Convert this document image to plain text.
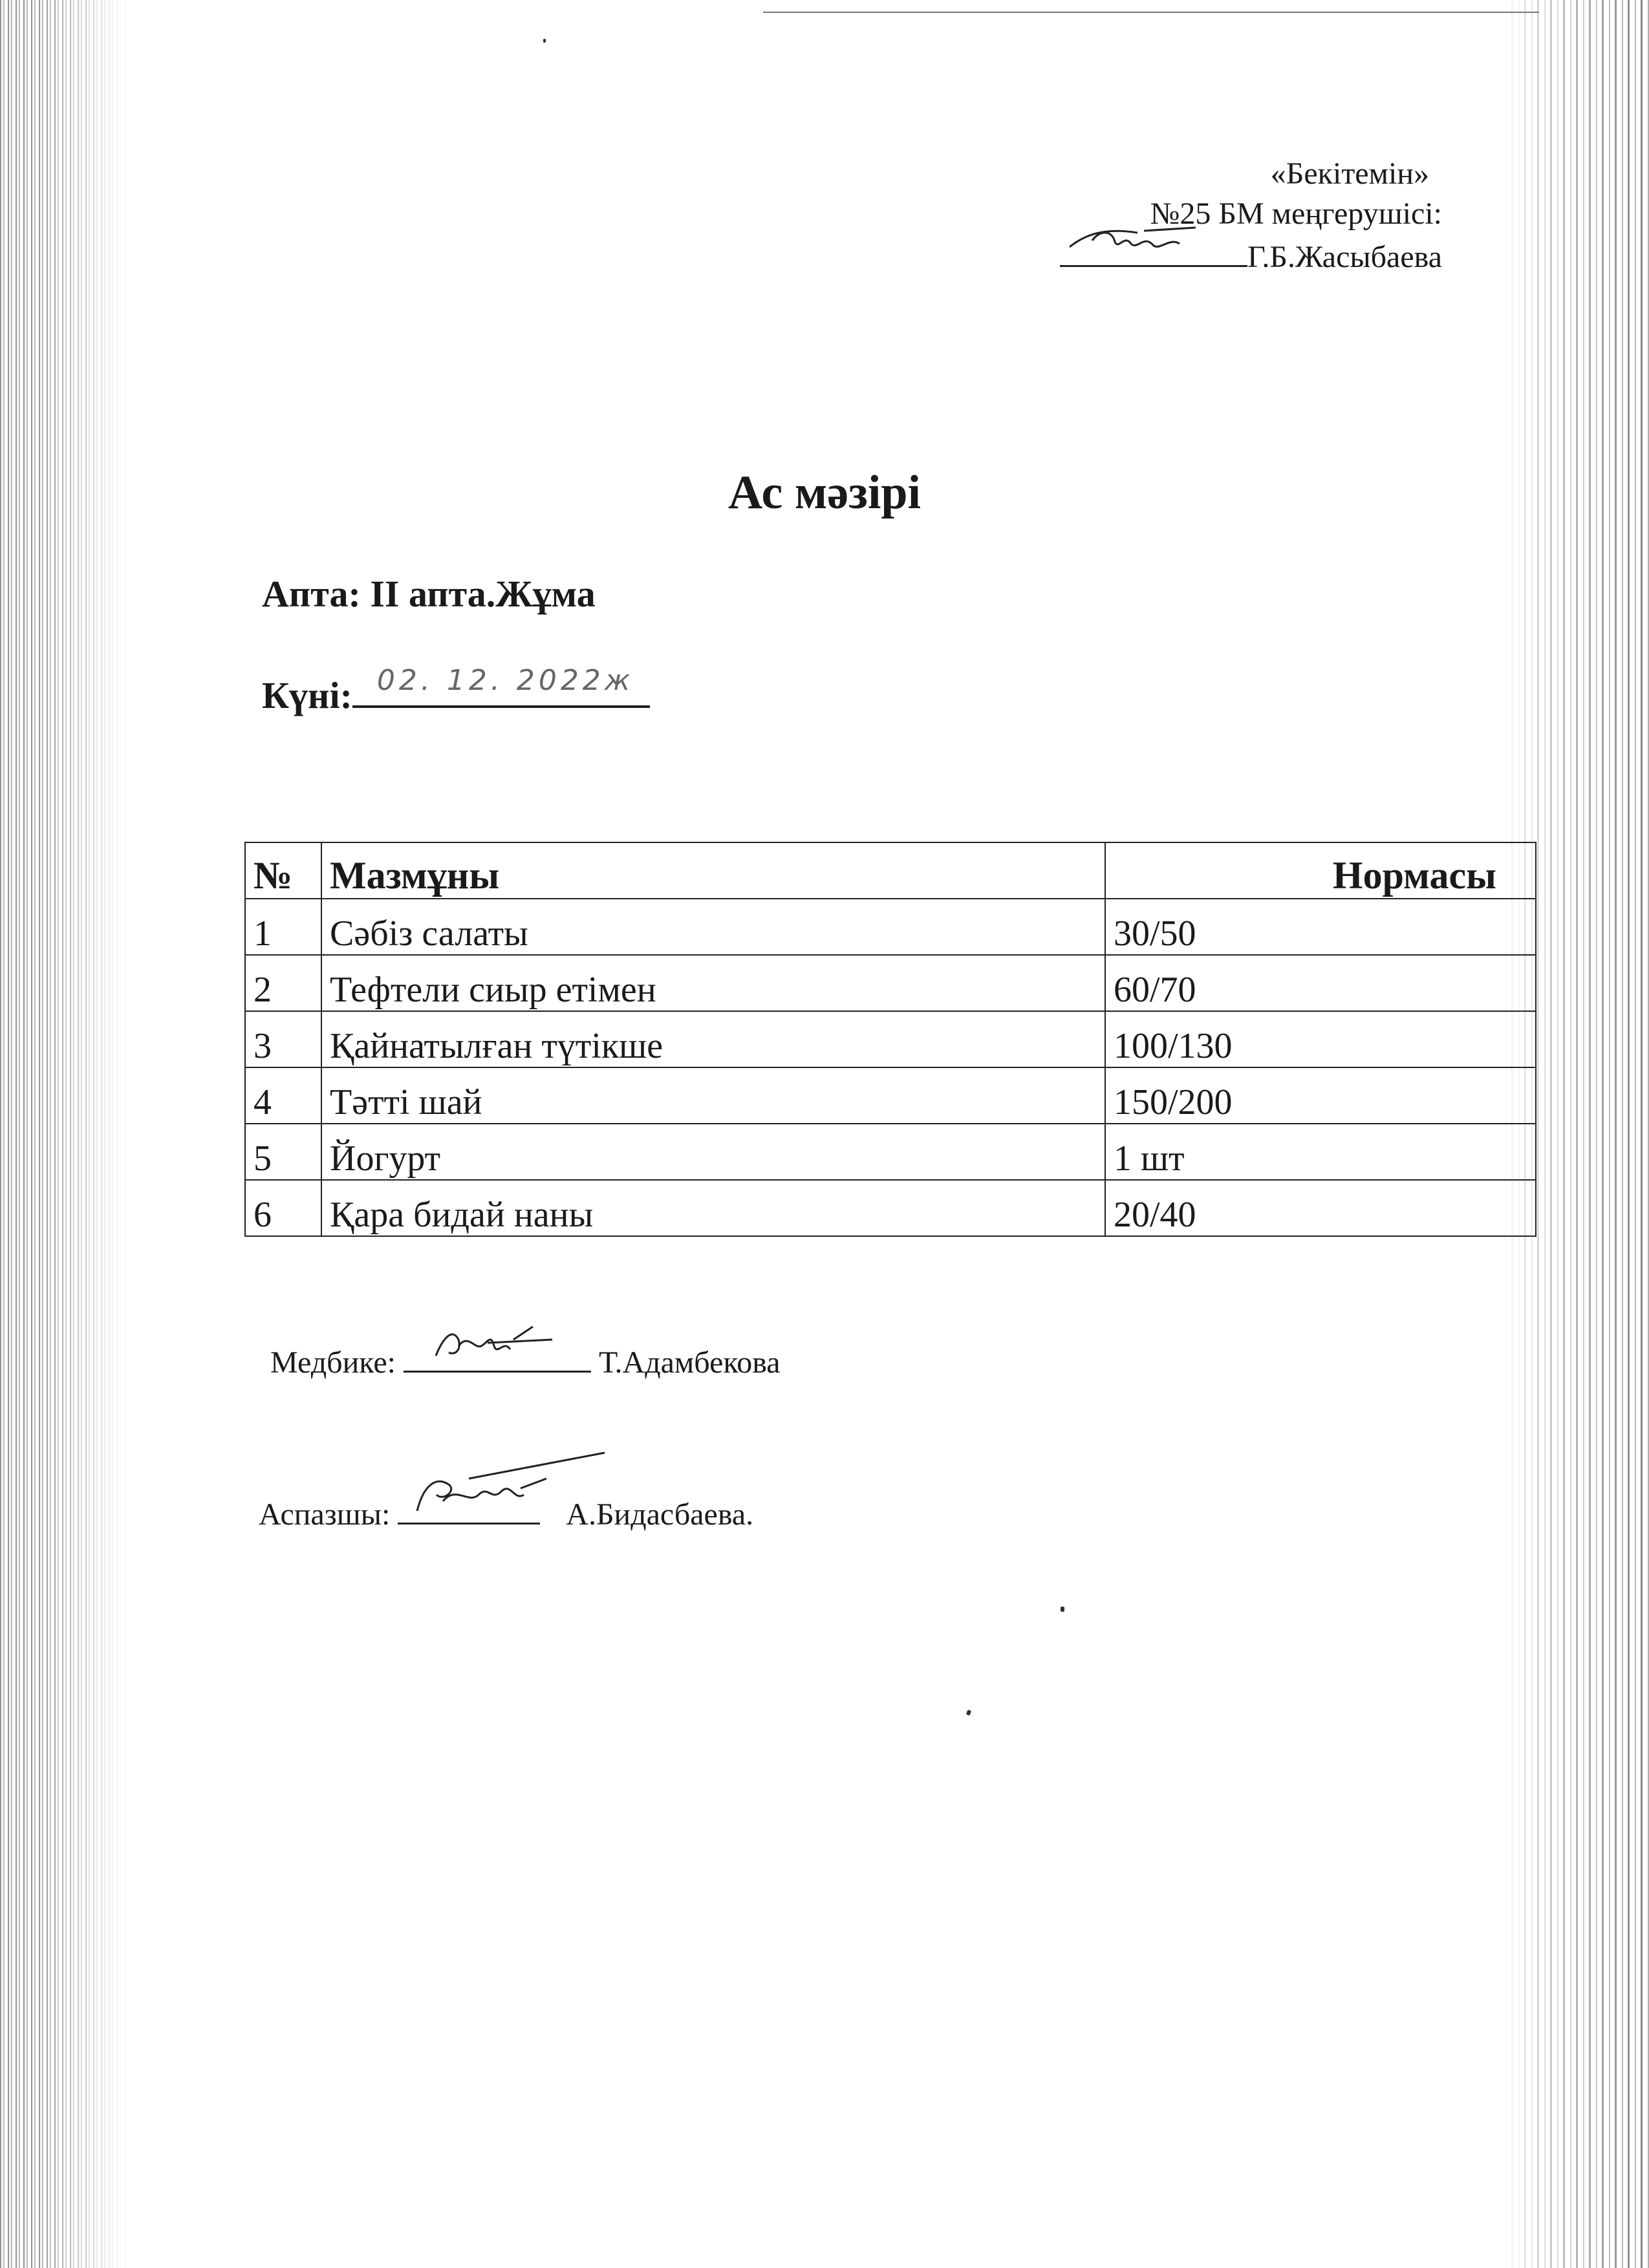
«Бекітемін»
№25 БМ меңгерушісі:
Г.Б.Жасыбаева
Ас мәзірі
Апта: II апта.Жұма
Күні: 02. 12. 2022ж
№	Мазмұны	Нормасы
1	Сәбіз салаты	30/50
2	Тефтели сиыр етімен	60/70
3	Қайнатылған түтікше	100/130
4	Тәтті шай	150/200
5	Йогурт	1 шт
6	Қара бидай наны	20/40
Медбике:	Т.Адамбекова
Аспазшы:	А.Бидасбаева.
